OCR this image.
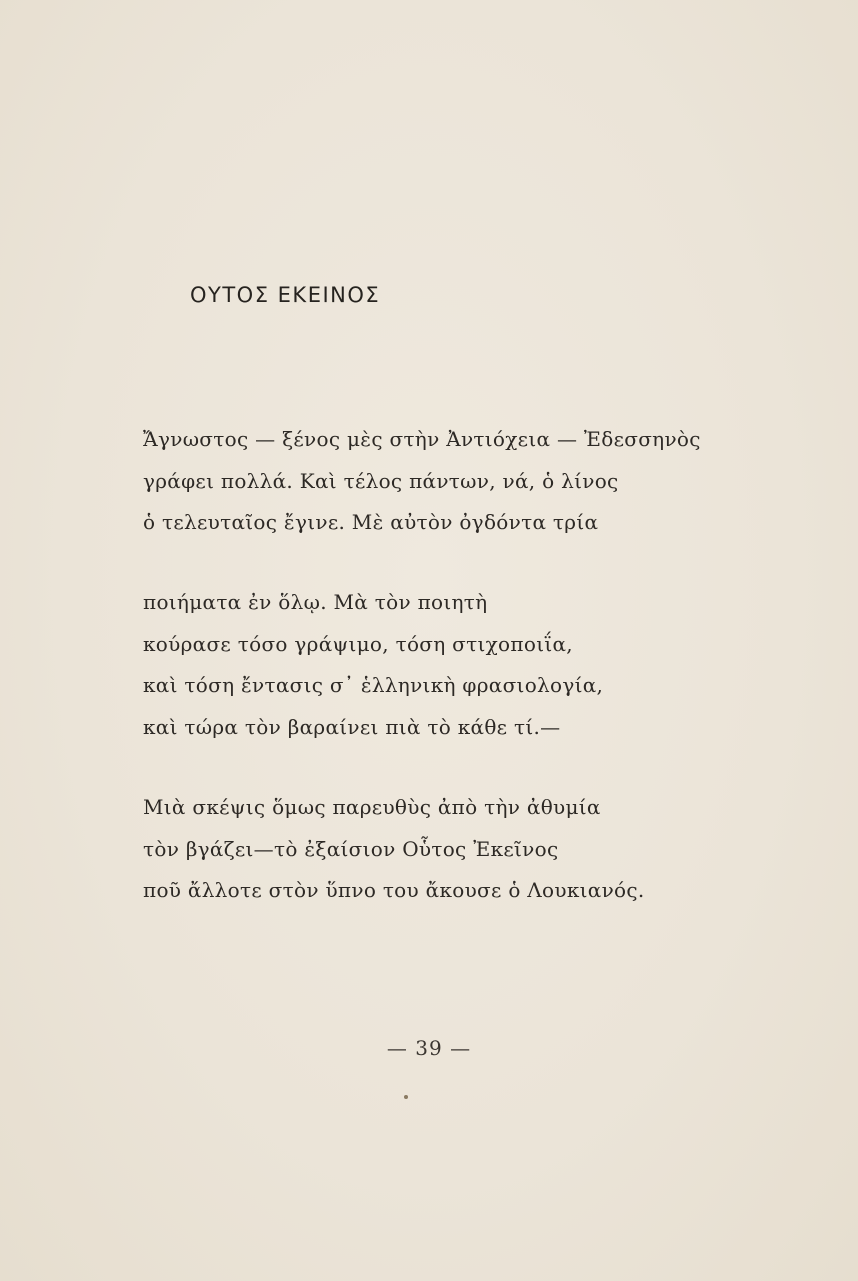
ΟΥΤΟΣ ΕΚΕΙΝΟΣ
Ἄγνωστος — ξένος μὲς στὴν Ἀντιόχεια — Ἐδεσσηνὸς
γράφει πολλά. Καὶ τέλος πάντων, νά, ὁ λίνος
ὁ τελευταῖος ἔγινε. Μὲ αὐτὸν ὀγδόντα τρία
ποιήματα ἐν ὅλῳ. Μὰ τὸν ποιητὴ
κούρασε τόσο γράψιμο, τόση στιχοποιΐα,
καὶ τόση ἔντασις σ᾿ ἑλληνικὴ φρασιολογία,
καὶ τώρα τὸν βαραίνει πιὰ τὸ κάθε τί.—
Μιὰ σκέψις ὅμως παρευθὺς ἀπὸ τὴν ἀθυμία
τὸν βγάζει—τὸ ἐξαίσιον Οὗτος Ἐκεῖνος
ποῦ ἄλλοτε στὸν ὕπνο του ἄκουσε ὁ Λουκιανός.
— 39 —
